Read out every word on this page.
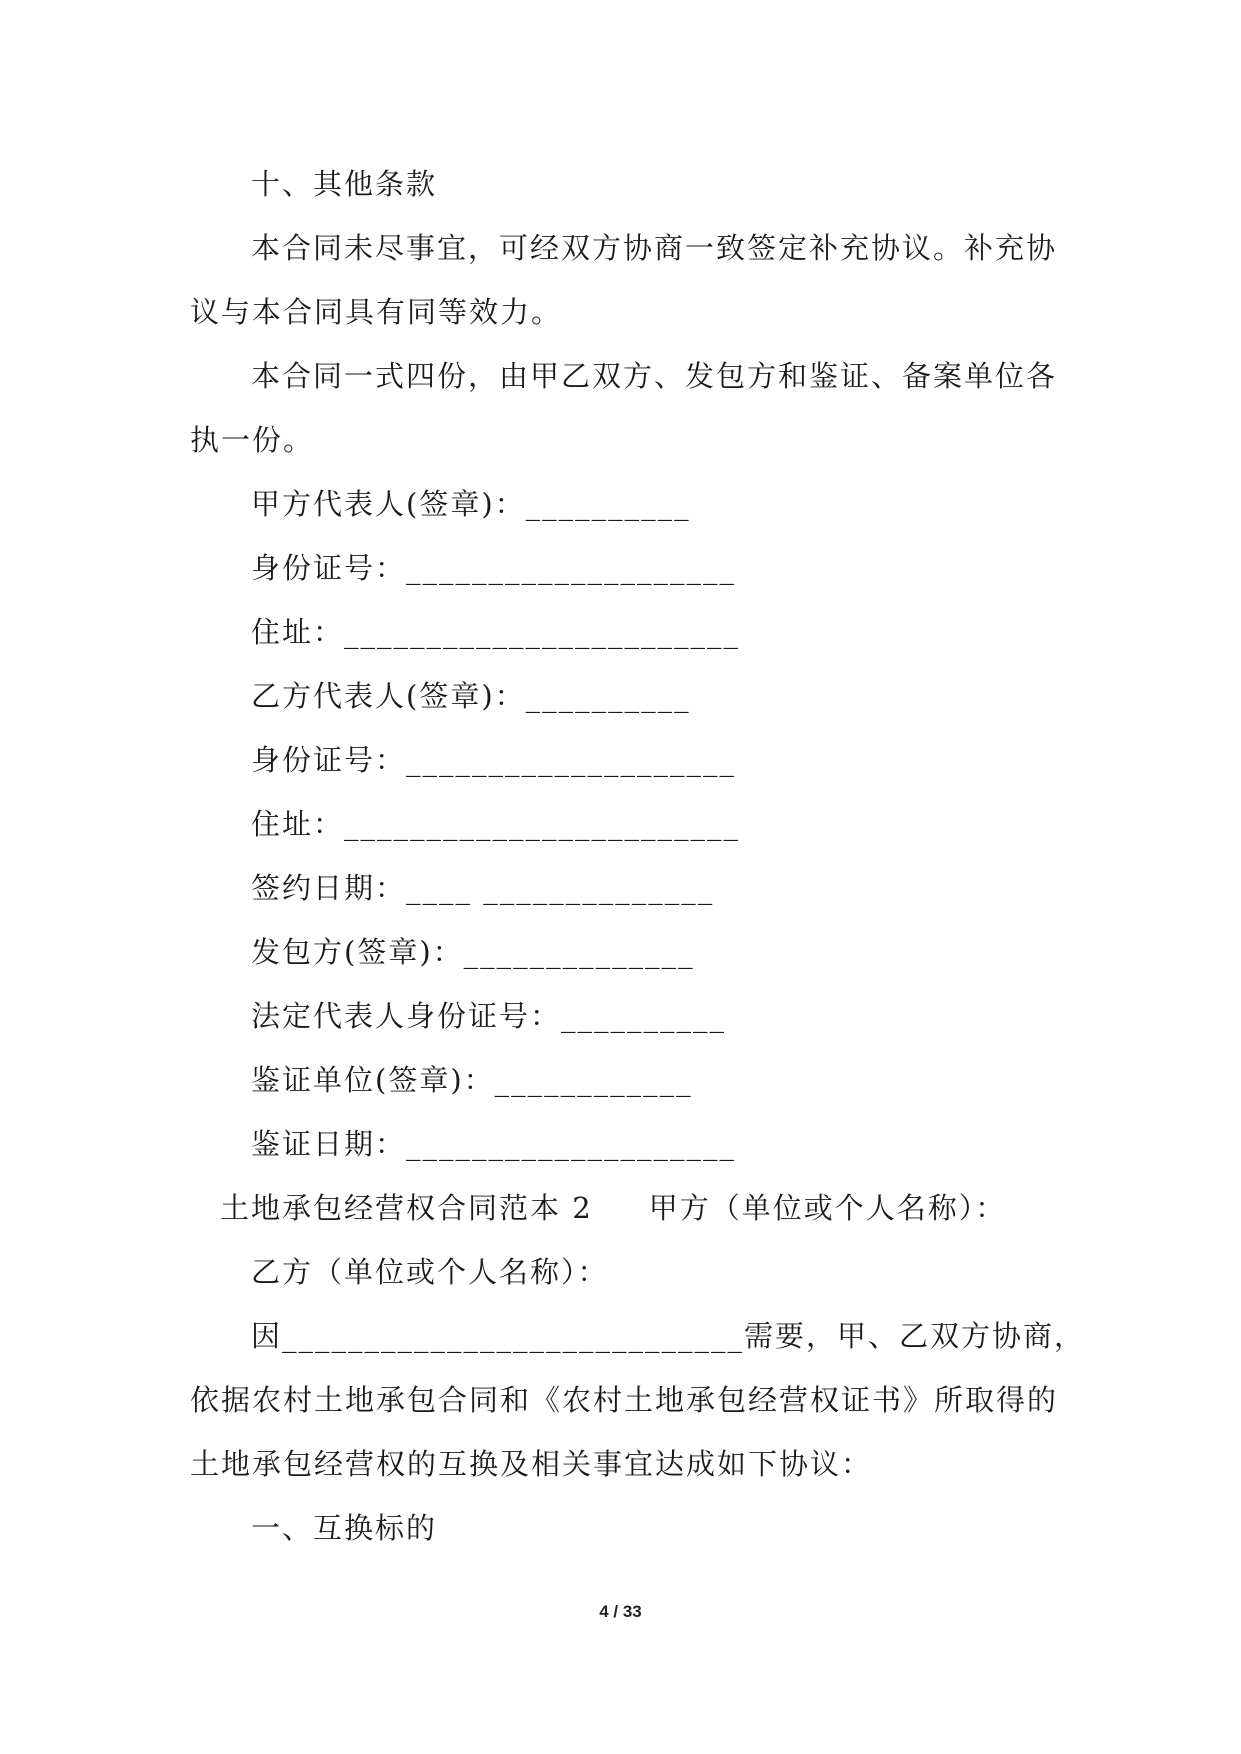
十、其他条款
本合同未尽事宜，可经双方协商一致签定补充协议。补充协
议与本合同具有同等效力。
本合同一式四份，由甲乙双方、发包方和鉴证、备案单位各
执一份。
甲方代表人(签章)：__________
身份证号：____________________
住址：________________________
乙方代表人(签章)：__________
身份证号：____________________
住址：________________________
签约日期：____ ______________
发包方(签章)：______________
法定代表人身份证号：__________
鉴证单位(签章)：____________
鉴证日期：____________________
土地承包经营权合同范本 2     甲方（单位或个人名称）：
乙方（单位或个人名称）：
因____________________________需要，甲、乙双方协商，
依据农村土地承包合同和《农村土地承包经营权证书》所取得的
土地承包经营权的互换及相关事宜达成如下协议：
一、互换标的
4 / 33
